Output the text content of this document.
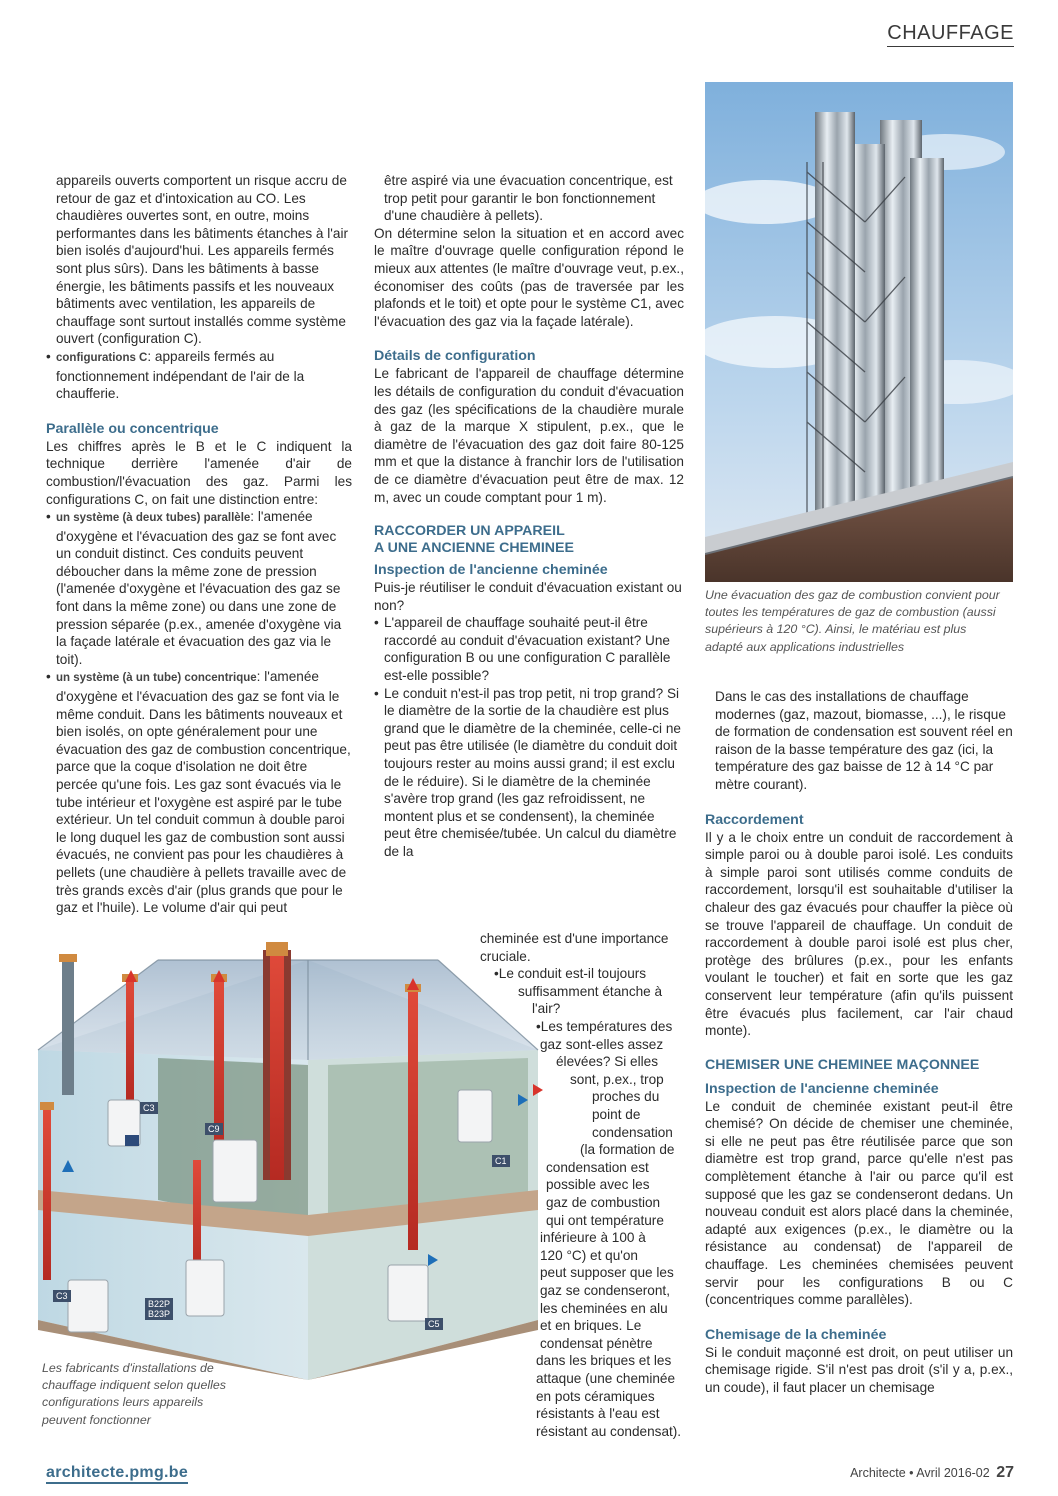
CHAUFFAGE
appareils ouverts comportent un risque accru de retour de gaz et d'intoxication au CO. Les chaudières ouvertes sont, en outre, moins performantes dans les bâtiments étanches à l'air bien isolés d'aujourd'hui. Les appareils fermés sont plus sûrs). Dans les bâtiments à basse énergie, les bâtiments passifs et les nouveaux bâtiments avec ventilation, les appareils de chauffage sont surtout installés comme système ouvert (configuration C).
• configurations C: appareils fermés au fonctionnement indépendant de l'air de la chaufferie.
Parallèle ou concentrique
Les chiffres après le B et le C indiquent la technique derrière l'amenée d'air de combustion/l'évacuation des gaz. Parmi les configurations C, on fait une distinction entre:
• un système (à deux tubes) parallèle: l'amenée d'oxygène et l'évacuation des gaz se font avec un conduit distinct. Ces conduits peuvent déboucher dans la même zone de pression (l'amenée d'oxygène et l'évacuation des gaz se font dans la même zone) ou dans une zone de pression séparée (p.ex., amenée d'oxygène via la façade latérale et évacuation des gaz via le toit).
• un système (à un tube) concentrique: l'amenée d'oxygène et l'évacuation des gaz se font via le même conduit. Dans les bâtiments nouveaux et bien isolés, on opte généralement pour une évacuation des gaz de combustion concentrique, parce que la coque d'isolation ne doit être percée qu'une fois. Les gaz sont évacués via le tube intérieur et l'oxygène est aspiré par le tube extérieur. Un tel conduit commun à double paroi le long duquel les gaz de combustion sont aussi évacués, ne convient pas pour les chaudières à pellets (une chaudière à pellets travaille avec de très grands excès d'air (plus grands que pour le gaz et l'huile). Le volume d'air qui peut
être aspiré via une évacuation concentrique, est trop petit pour garantir le bon fonctionnement d'une chaudière à pellets).
On détermine selon la situation et en accord avec le maître d'ouvrage quelle configuration répond le mieux aux attentes (le maître d'ouvrage veut, p.ex., économiser des coûts (pas de traversée par les plafonds et le toit) et opte pour le système C1, avec l'évacuation des gaz via la façade latérale).
Détails de configuration
Le fabricant de l'appareil de chauffage détermine les détails de configuration du conduit d'évacuation des gaz (les spécifications de la chaudière murale à gaz de la marque X stipulent, p.ex., que le diamètre de l'évacuation des gaz doit faire 80-125 mm et que la distance à franchir lors de l'utilisation de ce diamètre d'évacuation peut être de max. 12 m, avec un coude comptant pour 1 m).
RACCORDER UN APPAREIL
A UNE ANCIENNE CHEMINEE
Inspection de l'ancienne cheminée
Puis-je réutiliser le conduit d'évacuation existant ou non?
• L'appareil de chauffage souhaité peut-il être raccordé au conduit d'évacuation existant? Une configuration B ou une configuration C parallèle est-elle possible?
• Le conduit n'est-il pas trop petit, ni trop grand? Si le diamètre de la sortie de la chaudière est plus grand que le diamètre de la cheminée, celle-ci ne peut pas être utilisée (le diamètre du conduit doit toujours rester au moins aussi grand; il est exclu de le réduire). Si le diamètre de la cheminée s'avère trop grand (les gaz refroidissent, ne montent plus et se condensent), la cheminée peut être chemisée/tubée. Un calcul du diamètre de la
cheminée est d'une importance
cruciale.
•Le conduit est-il toujours
suffisamment étanche à
l'air?
•Les températures des
gaz sont-elles assez
élevées? Si elles
sont, p.ex., trop
proches du
point de
condensation
(la formation de
condensation est
possible avec les
gaz de combustion
qui ont température
inférieure à 100 à
120 °C) et qu'on
peut supposer que les
gaz se condenseront,
les cheminées en alu
et en briques. Le
condensat pénètre
dans les briques et les
attaque (une cheminée
en pots céramiques
résistants à l'eau est
résistant au condensat).
Une évacuation des gaz de combustion convient pour toutes les températures de gaz de combustion (aussi supérieurs à 120 °C). Ainsi, le matériau est plus adapté aux applications industrielles
Dans le cas des installations de chauffage modernes (gaz, mazout, biomasse, ...), le risque de formation de condensation est souvent réel en raison de la basse température des gaz (ici, la température des gaz baisse de 12 à 14 °C par mètre courant).
Raccordement
Il y a le choix entre un conduit de raccordement à simple paroi ou à double paroi isolé. Les conduits à simple paroi sont utilisés comme conduits de raccordement, lorsqu'il est souhaitable d'utiliser la chaleur des gaz évacués pour chauffer la pièce où se trouve l'appareil de chauffage. Un conduit de raccordement à double paroi isolé est plus cher, protège des brûlures (p.ex., pour les enfants voulant le toucher) et fait en sorte que les gaz conservent leur température (afin qu'ils puissent être évacués plus facilement, car l'air chaud monte).
CHEMISER UNE CHEMINEE MAÇONNEE
Inspection de l'ancienne cheminée
Le conduit de cheminée existant peut-il être chemisé? On décide de chemiser une cheminée, si elle ne peut pas être réutilisée parce que son diamètre est trop grand, parce qu'elle n'est pas complètement étanche à l'air ou parce qu'il est supposé que les gaz se condenseront dedans. Un nouveau conduit est alors placé dans la cheminée, adapté aux exigences (p.ex., le diamètre ou la résistance au condensat) de l'appareil de chauffage. Les cheminées chemisées peuvent servir pour les configurations B ou C (concentriques comme parallèles).
Chemisage de la cheminée
Si le conduit maçonné est droit, on peut utiliser un chemisage rigide. S'il n'est pas droit (s'il y a, p.ex., un coude), il faut placer un chemisage
C3
C9
C1
C3
B22P
B23P
C5
Les fabricants d'installations de chauffage indiquent selon quelles configurations leurs appareils peuvent fonctionner
architecte.pmg.be	Architecte • Avril 2016-02 27
